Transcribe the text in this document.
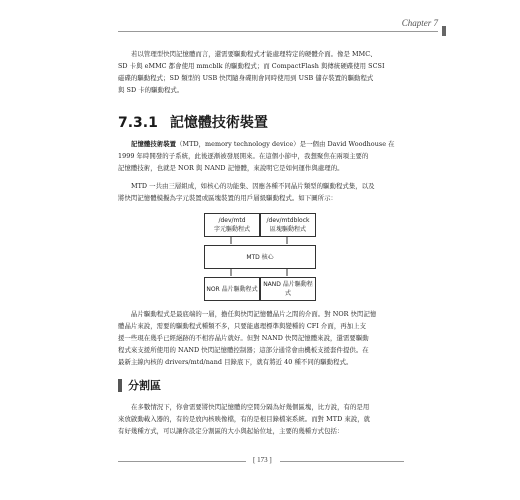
Chapter 7

若以管理型快閃記憶體而言，還需要驅動程式才能處理特定的硬體介面。像是 MMC、
SD 卡與 eMMC 都會使用 mmcblk 的驅動程式；而 CompactFlash 與傳統硬碟使用 SCSI
磁碟的驅動程式；SD 類型的 USB 快閃隨身碟則會同時使用到 USB 儲存裝置的驅動程式
與 SD 卡的驅動程式。

7.3.1 記憶體技術裝置

記憶體技術裝置（MTD，memory technology device）是一個由 David Woodhouse 在
1999 年時開發的子系統，此後逐漸被發展開來。在這個小節中，我想聚焦在兩項主要的
記憶體技術，也就是 NOR 與 NAND 記憶體，來說明它是如何運作與處理的。

MTD 一共由三層組成，如核心的功能集、因應各種不同晶片類型的驅動程式集，以及
將快閃記憶體模擬為字元裝置或區塊裝置的用戶層級驅動程式。如下圖所示：

/dev/mtd
字元驅動程式
/dev/mtdblock
區塊驅動程式
MTD 核心
NOR 晶片驅動程式
NAND 晶片驅動程式

晶片驅動程式是最底端的一層，擔任與快閃記憶體晶片之間的介面。對 NOR 快閃記憶
體晶片來說，需要的驅動程式種類不多，只要能處理標準與變種的 CFI 介面，再加上支
援一些現在幾乎已經絕跡的不相容晶片就好。但對 NAND 快閃記憶體來說，還需要驅動
程式來支援所使用的 NAND 快閃記憶體控制器；這部分通常會由機板支援套件提供。在
最新主線內核的 drivers/mtd/nand 目錄底下，就有將近 40 種不同的驅動程式。

分割區

在多數情況下，你會需要將快閃記憶體的空間分隔為好幾個區塊，比方說，有的是用
來放啟動載入器的，有的是放內核映像檔，有的是根目錄檔案系統。而對 MTD 來說，就
有好幾種方式，可以讓你設定分割區的大小與起始位址，主要的幾種方式包括：

[ 173 ]
